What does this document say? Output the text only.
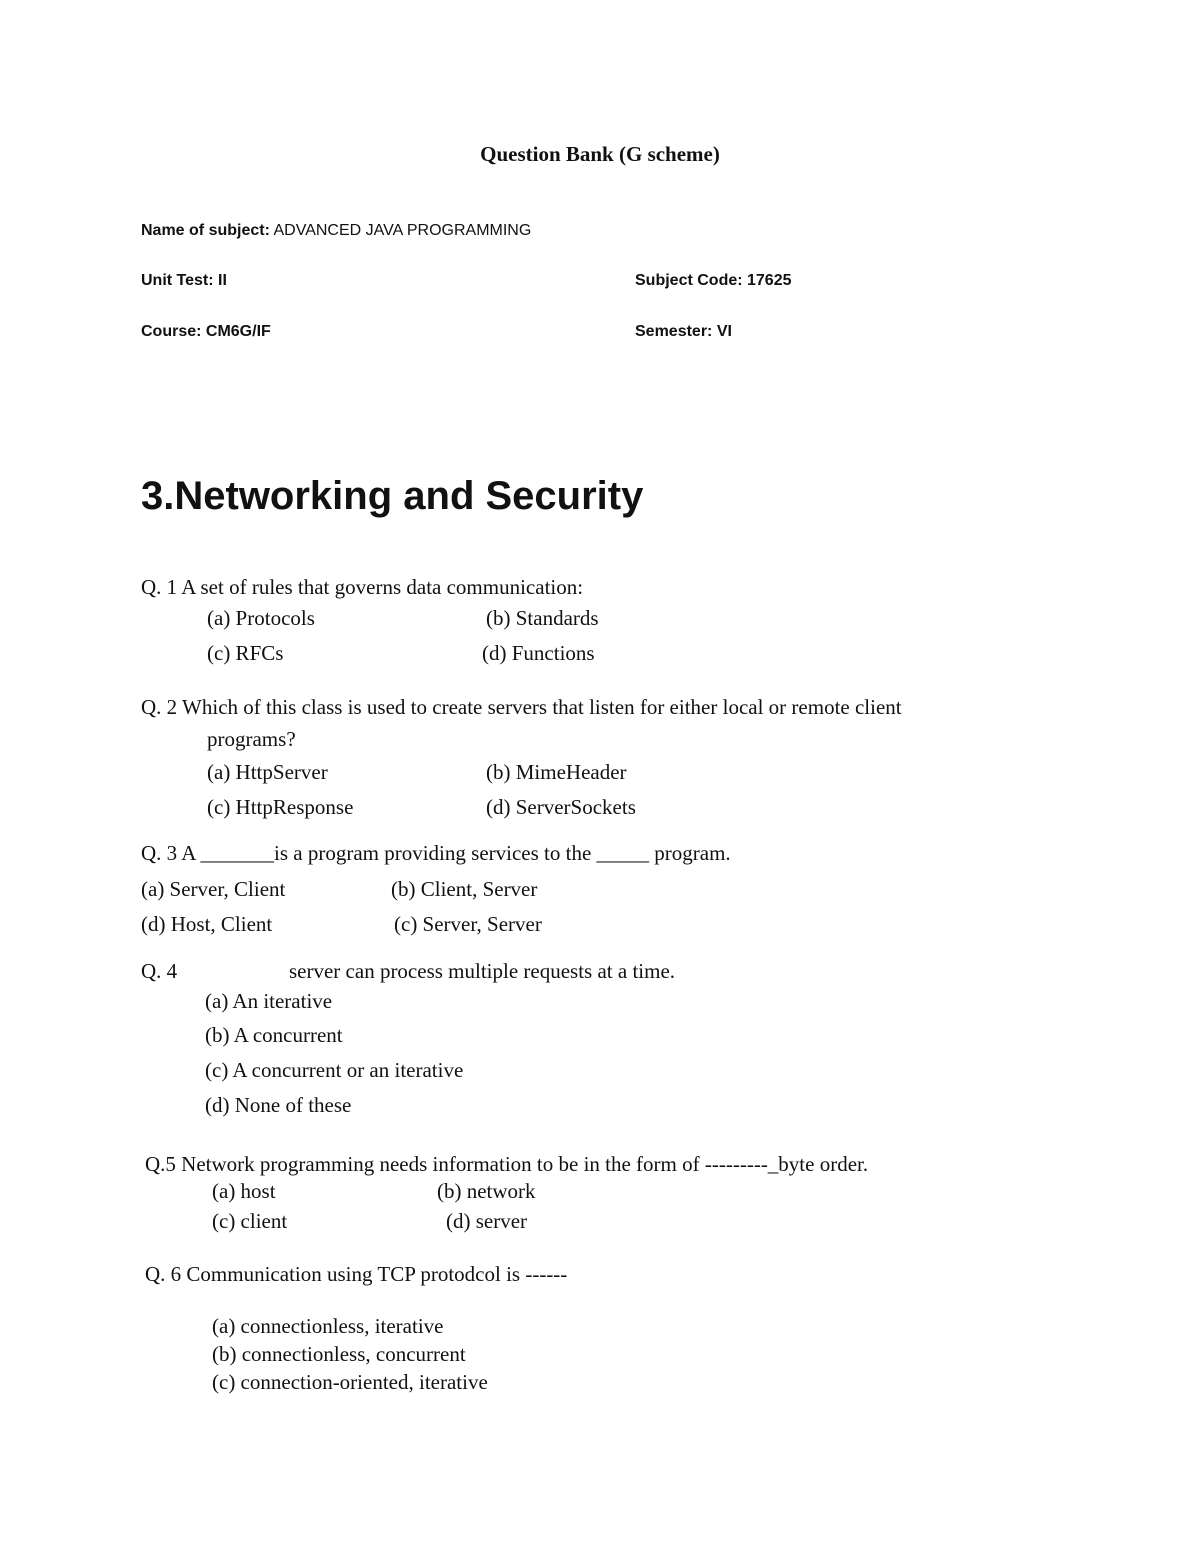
Question Bank (G scheme)
Name of subject: ADVANCED JAVA PROGRAMMING
Unit Test: II	Subject Code: 17625
Course: CM6G/IF	Semester: VI
3.Networking and Security
Q. 1 A set of rules that governs data communication:
(a) Protocols	(b) Standards
(c) RFCs	(d) Functions
Q. 2 Which of this class is used to create servers that listen for either local or remote client
programs?
(a) HttpServer	(b) MimeHeader
(c) HttpResponse	(d) ServerSockets
Q. 3 A _______is a program providing services to the _____ program.
(a) Server, Client	(b) Client, Server
(d) Host, Client	(c) Server, Server
Q. 4	server can process multiple requests at a time.
(a) An iterative
(b) A concurrent
(c) A concurrent or an iterative
(d) None of these
Q.5 Network programming needs information to be in the form of ---------_byte order.
(a) host	(b) network
(c) client	(d) server
Q. 6 Communication using TCP protodcol is ------
(a) connectionless, iterative
(b) connectionless, concurrent
(c) connection-oriented, iterative
